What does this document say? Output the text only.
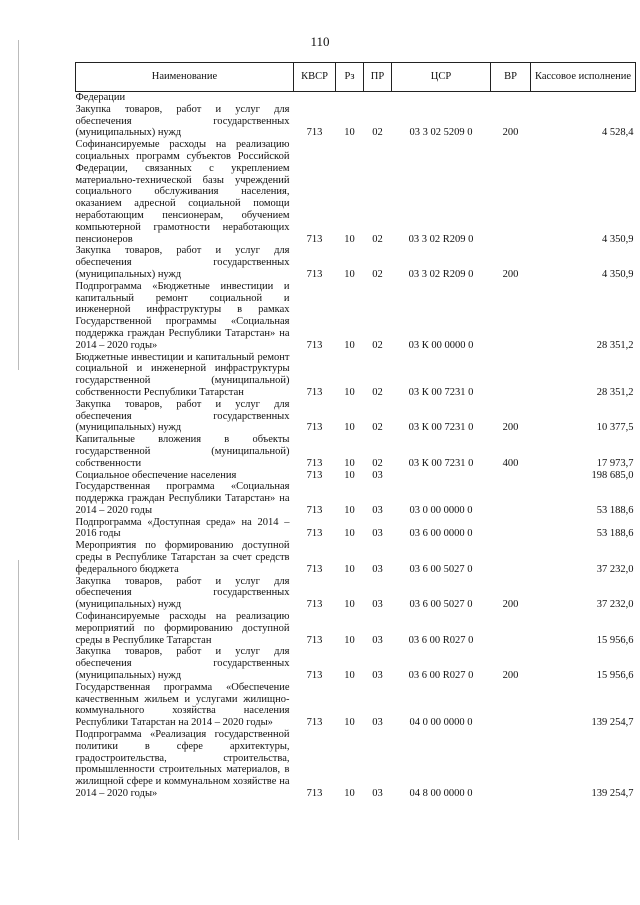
110
Наименование	КВСР	Рз	ПР	ЦСР	ВР	Кассовое исполнение
Федерации						
Закупка товаров, работ и услуг для обеспечения государственных (муниципальных) нужд	713	10	02	03 3 02 5209 0	200	4 528,4
Софинансируемые расходы на реализацию социальных программ субъектов Российской Федерации, связанных с укреплением материально-технической базы учреждений социального обслуживания населения, оказанием адресной социальной помощи неработающим пенсионерам, обучением компьютерной грамотности неработающих пенсионеров	713	10	02	03 3 02 R209 0		4 350,9
Закупка товаров, работ и услуг для обеспечения государственных (муниципальных) нужд	713	10	02	03 3 02 R209 0	200	4 350,9
Подпрограмма «Бюджетные инвестиции и капитальный ремонт социальной и инженерной инфраструктуры в рамках Государственной программы «Социальная поддержка граждан Республики Татарстан» на 2014 – 2020 годы»	713	10	02	03 К 00 0000 0		28 351,2
Бюджетные инвестиции и капитальный ремонт социальной и инженерной инфраструктуры государственной (муниципальной) собственности Республики Татарстан	713	10	02	03 К 00 7231 0		28 351,2
Закупка товаров, работ и услуг для обеспечения государственных (муниципальных) нужд	713	10	02	03 К 00 7231 0	200	10 377,5
Капитальные вложения в объекты государственной (муниципальной) собственности	713	10	02	03 К 00 7231 0	400	17 973,7
Социальное обеспечение населения	713	10	03			198 685,0
Государственная программа «Социальная поддержка граждан Республики Татарстан» на 2014 – 2020 годы	713	10	03	03 0 00 0000 0		53 188,6
Подпрограмма «Доступная среда» на 2014 – 2016 годы	713	10	03	03 6 00 0000 0		53 188,6
Мероприятия по формированию доступной среды в Республике Татарстан за счет средств федерального бюджета	713	10	03	03 6 00 5027 0		37 232,0
Закупка товаров, работ и услуг для обеспечения государственных (муниципальных) нужд	713	10	03	03 6 00 5027 0	200	37 232,0
Софинансируемые расходы на реализацию мероприятий по формированию доступной среды в Республике Татарстан	713	10	03	03 6 00 R027 0		15 956,6
Закупка товаров, работ и услуг для обеспечения государственных (муниципальных) нужд	713	10	03	03 6 00 R027 0	200	15 956,6
Государственная программа «Обеспечение качественным жильем и услугами жилищно-коммунального хозяйства населения Республики Татарстан на 2014 – 2020 годы»	713	10	03	04 0 00 0000 0		139 254,7
Подпрограмма «Реализация государственной политики в сфере архитектуры, градостроительства, строительства, промышленности строительных материалов, в жилищной сфере и коммунальном хозяйстве на 2014 – 2020 годы»	713	10	03	04 8 00 0000 0		139 254,7
